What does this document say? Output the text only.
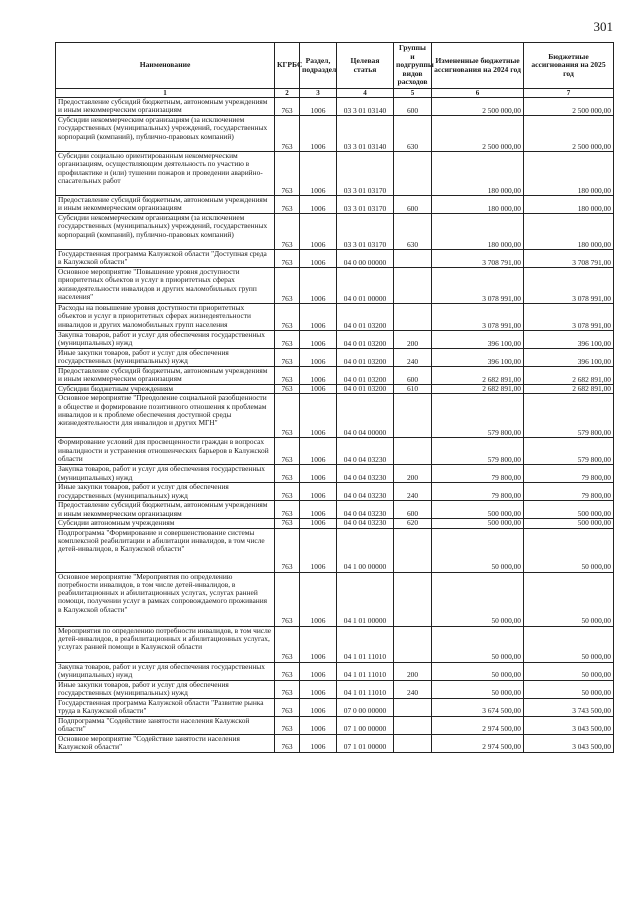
301
Наименование	КГРБС	Раздел, подраздел	Целевая статья	Группы и подгруппы видов расходов	Измененные бюджетные ассигнования на 2024 год	Бюджетные ассигнования на 2025 год
1	2	3	4	5	6	7
Предоставление субсидий бюджетным, автономным учреждениям и иным некоммерческим организациям	763	1006	03 3 01 03140	600	2 500 000,00	2 500 000,00
Субсидии некоммерческим организациям (за исключением государственных (муниципальных) учреждений, государственных корпораций (компаний), публично-правовых компаний)	763	1006	03 3 01 03140	630	2 500 000,00	2 500 000,00
Субсидии социально ориентированным некоммерческим организациям, осуществляющим деятельность по участию в профилактике и (или) тушении пожаров и проведении аварийно-спасательных работ	763	1006	03 3 01 03170		180 000,00	180 000,00
Предоставление субсидий бюджетным, автономным учреждениям и иным некоммерческим организациям	763	1006	03 3 01 03170	600	180 000,00	180 000,00
Субсидии некоммерческим организациям (за исключением государственных (муниципальных) учреждений, государственных корпораций (компаний), публично-правовых компаний)	763	1006	03 3 01 03170	630	180 000,00	180 000,00
Государственная программа Калужской области "Доступная среда в Калужской области"	763	1006	04 0 00 00000		3 708 791,00	3 708 791,00
Основное мероприятие "Повышение уровня доступности приоритетных объектов и услуг в приоритетных сферах жизнедеятельности инвалидов и других маломобильных групп населения"	763	1006	04 0 01 00000		3 078 991,00	3 078 991,00
Расходы на повышение уровня доступности приоритетных объектов и услуг в приоритетных сферах жизнедеятельности инвалидов и других маломобильных групп населения	763	1006	04 0 01 03200		3 078 991,00	3 078 991,00
Закупка товаров, работ и услуг для обеспечения государственных (муниципальных) нужд	763	1006	04 0 01 03200	200	396 100,00	396 100,00
Иные закупки товаров, работ и услуг для обеспечения государственных (муниципальных) нужд	763	1006	04 0 01 03200	240	396 100,00	396 100,00
Предоставление субсидий бюджетным, автономным учреждениям и иным некоммерческим организациям	763	1006	04 0 01 03200	600	2 682 891,00	2 682 891,00
Субсидии бюджетным учреждениям	763	1006	04 0 01 03200	610	2 682 891,00	2 682 891,00
Основное мероприятие "Преодоление социальной разобщенности в обществе и формирование позитивного отношения к проблемам инвалидов и к проблеме обеспечения доступной среды жизнедеятельности для инвалидов и других МГН"	763	1006	04 0 04 00000		579 800,00	579 800,00
Формирование условий для просвещенности граждан в вопросах инвалидности и устранения отношенческих барьеров в Калужской области	763	1006	04 0 04 03230		579 800,00	579 800,00
Закупка товаров, работ и услуг для обеспечения государственных (муниципальных) нужд	763	1006	04 0 04 03230	200	79 800,00	79 800,00
Иные закупки товаров, работ и услуг для обеспечения государственных (муниципальных) нужд	763	1006	04 0 04 03230	240	79 800,00	79 800,00
Предоставление субсидий бюджетным, автономным учреждениям и иным некоммерческим организациям	763	1006	04 0 04 03230	600	500 000,00	500 000,00
Субсидии автономным учреждениям	763	1006	04 0 04 03230	620	500 000,00	500 000,00
Подпрограмма "Формирование и совершенствование системы комплексной реабилитации и абилитации инвалидов, в том числе детей-инвалидов, в Калужской области"	763	1006	04 1 00 00000		50 000,00	50 000,00
Основное мероприятие "Мероприятия по определению потребности инвалидов, в том числе детей-инвалидов, в реабилитационных и абилитационных услугах, услугах ранней помощи, получении услуг в рамках сопровождаемого проживания в Калужской области"	763	1006	04 1 01 00000		50 000,00	50 000,00
Мероприятия по определению потребности инвалидов, в том числе детей-инвалидов, в реабилитационных и абилитационных услугах, услугах ранней помощи в Калужской области	763	1006	04 1 01 11010		50 000,00	50 000,00
Закупка товаров, работ и услуг для обеспечения государственных (муниципальных) нужд	763	1006	04 1 01 11010	200	50 000,00	50 000,00
Иные закупки товаров, работ и услуг для обеспечения государственных (муниципальных) нужд	763	1006	04 1 01 11010	240	50 000,00	50 000,00
Государственная программа Калужской области "Развитие рынка труда в Калужской области"	763	1006	07 0 00 00000		3 674 500,00	3 743 500,00
Подпрограмма "Содействие занятости населения Калужской области"	763	1006	07 1 00 00000		2 974 500,00	3 043 500,00
Основное мероприятие "Содействие занятости населения Калужской области"	763	1006	07 1 01 00000		2 974 500,00	3 043 500,00
